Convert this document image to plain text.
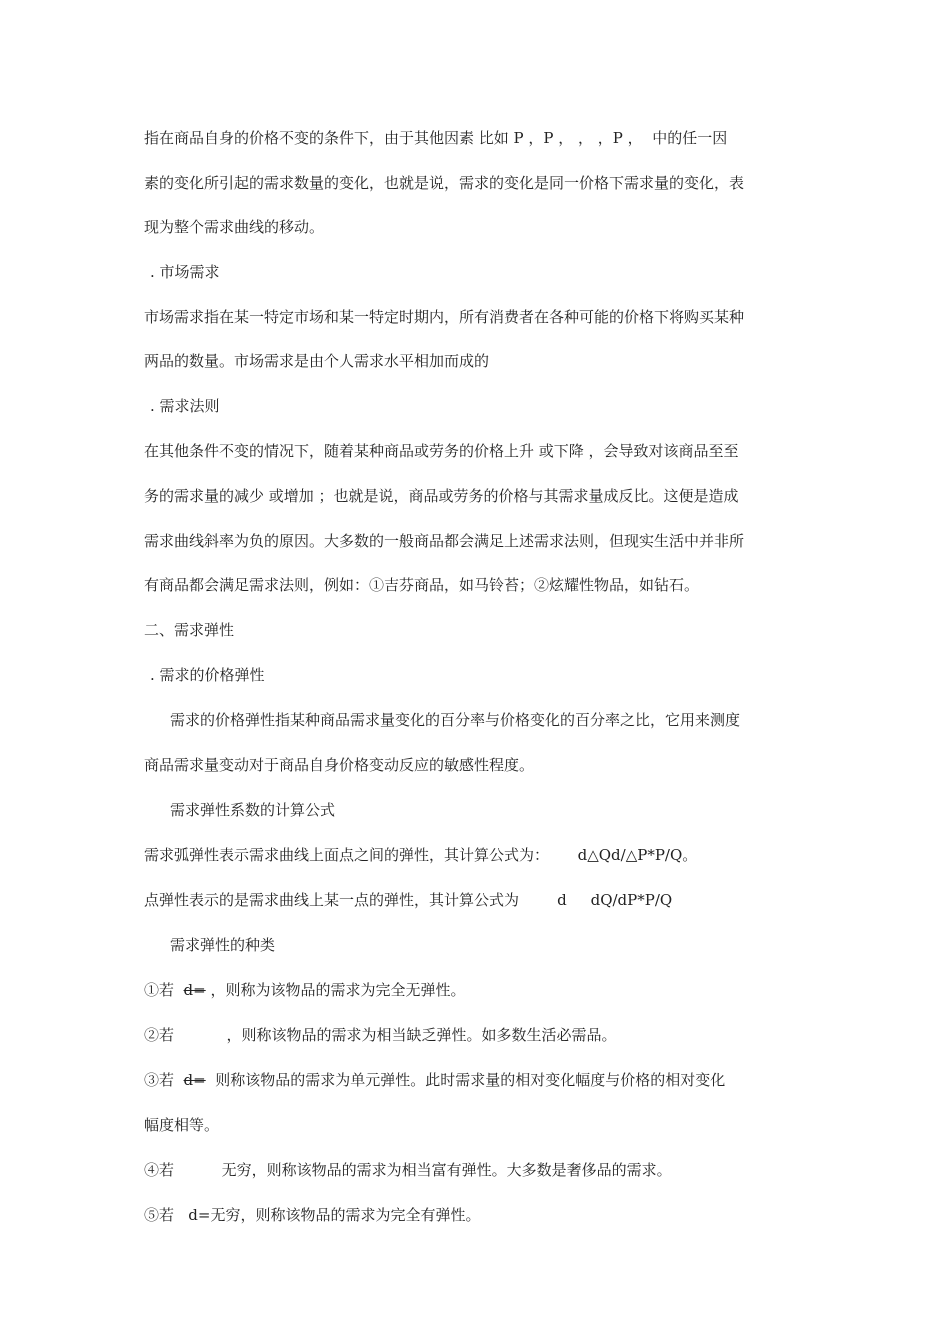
指在商品自身的价格不变的条件下，由于其他因素 比如 P ，P ， ， ，P ，  中的任一因

素的变化所引起的需求数量的变化，也就是说，需求的变化是同一价格下需求量的变化，表

现为整个需求曲线的移动。

. 市场需求

市场需求指在某一特定市场和某一特定时期内，所有消费者在各种可能的价格下将购买某种

两品的数量。市场需求是由个人需求水平相加而成的

. 需求法则

在其他条件不变的情况下，随着某种商品或劳务的价格上升 或下降 ，会导致对该商品至至

务的需求量的减少 或增加 ；也就是说，商品或劳务的价格与其需求量成反比。这便是造成

需求曲线斜率为负的原因。大多数的一般商品都会满足上述需求法则，但现实生活中并非所

有商品都会满足需求法则，例如：①吉芬商品，如马铃苔；②炫耀性物品，如钻石。

二、需求弹性

. 需求的价格弹性

需求的价格弹性指某种商品需求量变化的百分率与价格变化的百分率之比，它用来测度

商品需求量变动对于商品自身价格变动反应的敏感性程度。

需求弹性系数的计算公式

需求弧弹性表示需求曲线上面点之间的弹性，其计算公式为：      d△Qd/△P*P/Q。

点弹性表示的是需求曲线上某一点的弹性，其计算公式为        d     dQ/dP*P/Q

需求弹性的种类

①若  d= ，则称为该物品的需求为完全无弹性。

②若           ，则称该物品的需求为相当缺乏弹性。如多数生活必需品。

③若  d=  则称该物品的需求为单元弹性。此时需求量的相对变化幅度与价格的相对变化

幅度相等。

④若          无穷，则称该物品的需求为相当富有弹性。大多数是奢侈品的需求。

⑤若   d=无穷，则称该物品的需求为完全有弹性。
